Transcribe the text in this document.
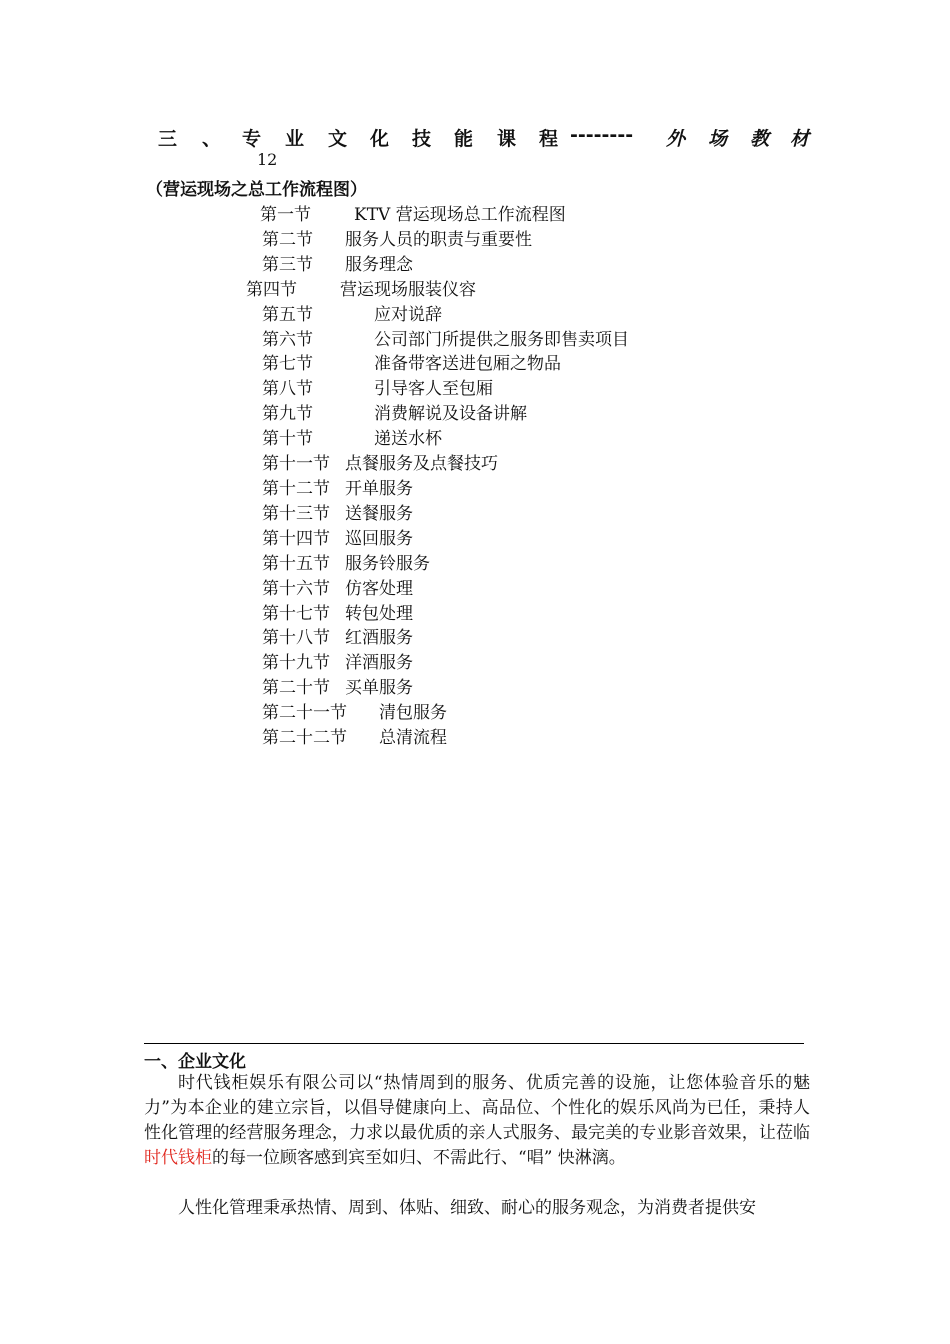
三 、 专 业 文 化 技 能 课 程 -------- 外 场 教 材
12
（营运现场之总工作流程图）
第一节	KTV 营运现场总工作流程图
第二节 服务人员的职责与重要性
第三节 服务理念
第四节	营运现场服装仪容
第五节	应对说辞
第六节	公司部门所提供之服务即售卖项目
第七节	准备带客送进包厢之物品
第八节	引导客人至包厢
第九节	消费解说及设备讲解
第十节	递送水杯
第十一节 点餐服务及点餐技巧
第十二节 开单服务
第十三节 送餐服务
第十四节 巡回服务
第十五节 服务铃服务
第十六节 仿客处理
第十七节 转包处理
第十八节 红酒服务
第十九节 洋酒服务
第二十节 买单服务
第二十一节 清包服务
第二十二节 总清流程
一、企业文化
时代钱柜娱乐有限公司以“热情周到的服务、优质完善的设施，让您体验音乐的魅力”为本企业的建立宗旨，以倡导健康向上、高品位、个性化的娱乐风尚为已任，秉持人性化管理的经营服务理念，力求以最优质的亲人式服务、最完美的专业影音效果，让莅临时代钱柜的每一位顾客感到宾至如归、不需此行、“唱” 快淋漓。
人性化管理秉承热情、周到、体贴、细致、耐心的服务观念，为消费者提供安
